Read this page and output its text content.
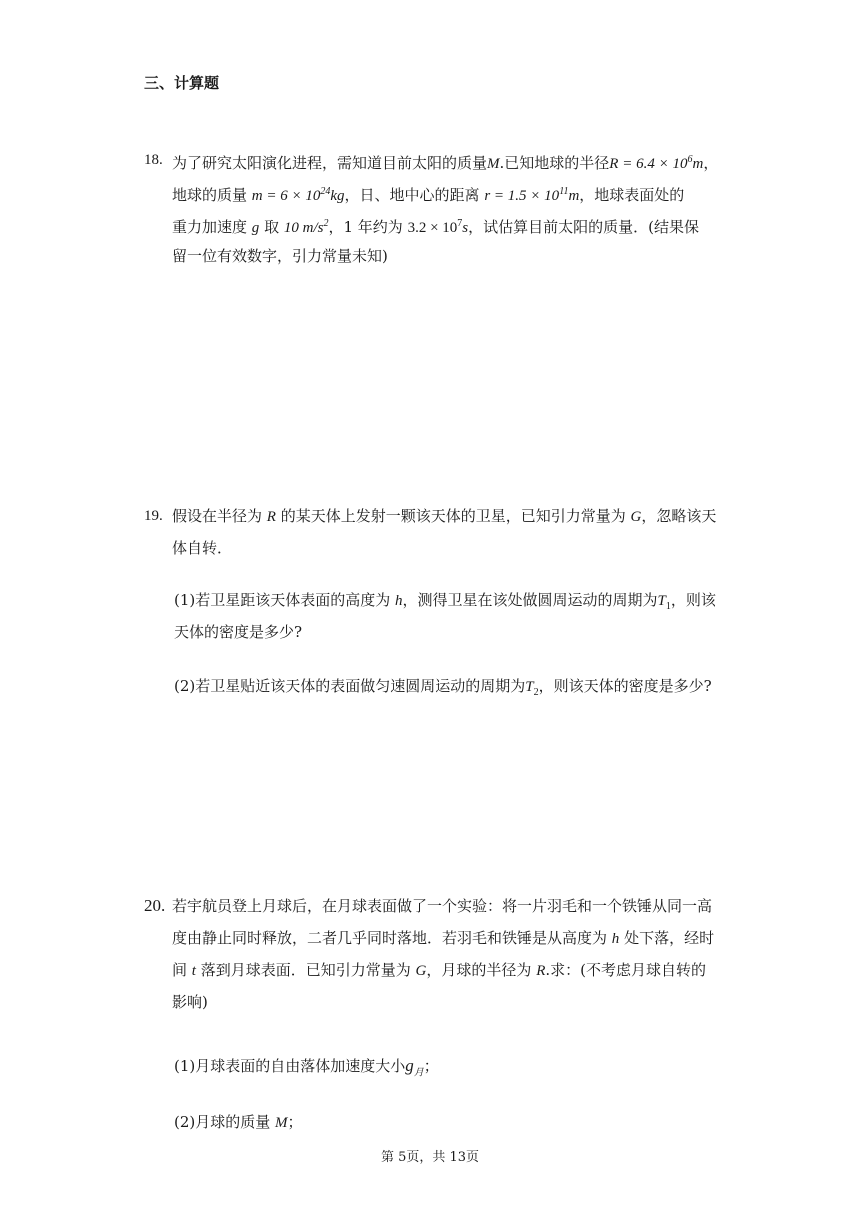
三、计算题
18. 为了研究太阳演化进程，需知道目前太阳的质量M.已知地球的半径$R = 6.4 \times 10^6m$，
地球的质量 $m = 6 \times 10^{24}kg$，日、地中心的距离 $r = 1.5 \times 10^{11}m$，地球表面处的
重力加速度 g 取 10 $m/s^2$，1 年约为 $3.2 \times 10^7s$，试估算目前太阳的质量．(结果保
留一位有效数字，引力常量未知)
19. 假设在半径为 R 的某天体上发射一颗该天体的卫星，已知引力常量为 G，忽略该天
体自转．
(1)若卫星距该天体表面的高度为 h，测得卫星在该处做圆周运动的周期为$T_1$，则该
天体的密度是多少?
(2)若卫星贴近该天体的表面做匀速圆周运动的周期为$T_2$，则该天体的密度是多少?
20. 若宇航员登上月球后，在月球表面做了一个实验：将一片羽毛和一个铁锤从同一高
度由静止同时释放，二者几乎同时落地．若羽毛和铁锤是从高度为 h 处下落，经时
间 t 落到月球表面．已知引力常量为 G，月球的半径为 R.求：(不考虑月球自转的
影响)
(1)月球表面的自由落体加速度大小$g_月$；
(2)月球的质量 M；
第 5页，共 13页
